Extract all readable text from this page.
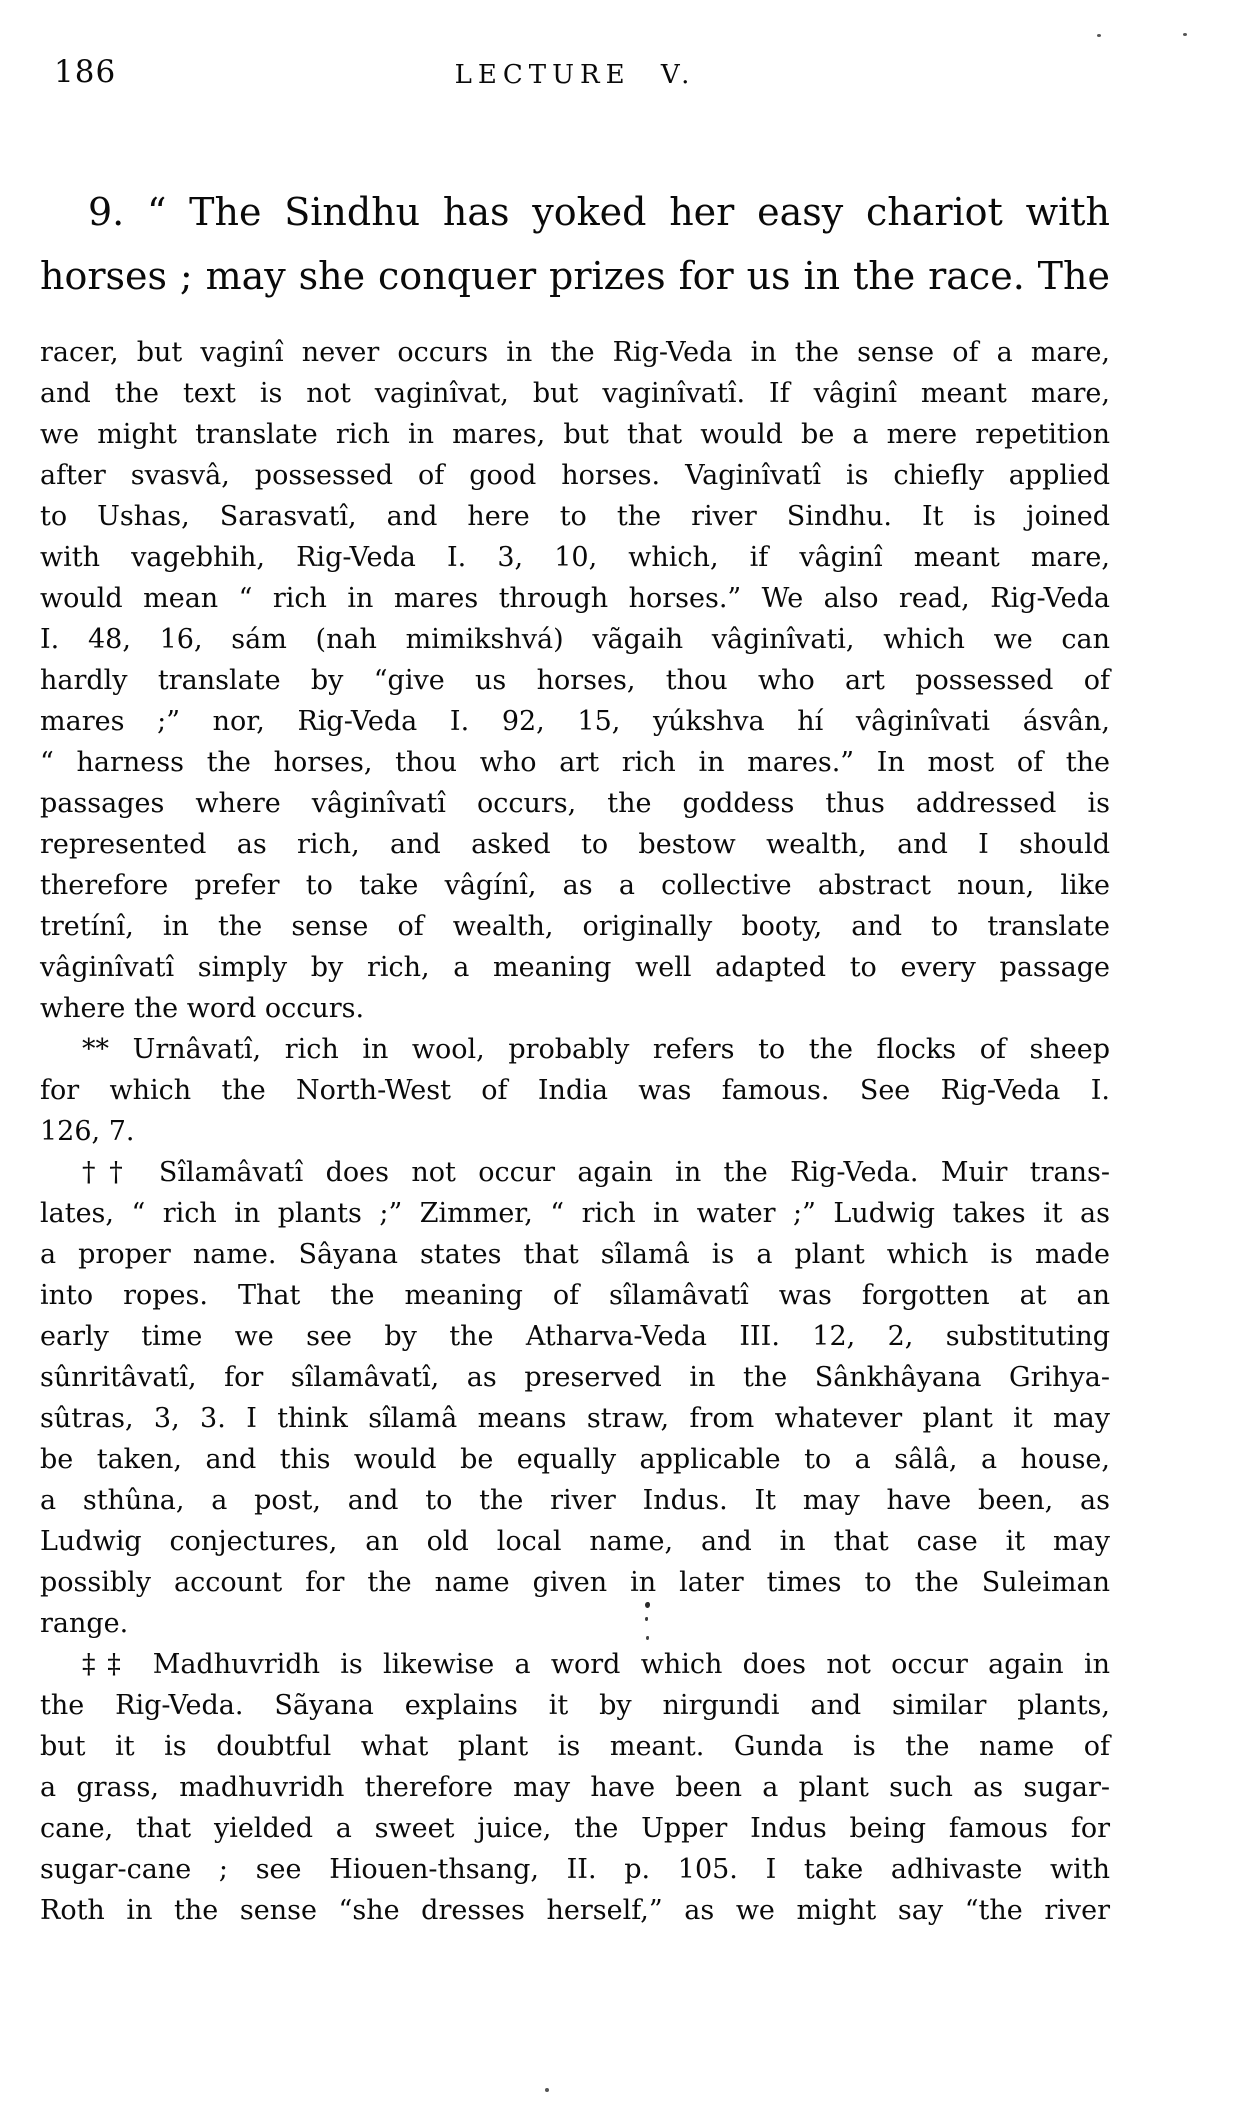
186	LECTURE V.
9. “ The Sindhu has yoked her easy chariot with
horses ; may she conquer prizes for us in the race. The
racer, but vaginî never occurs in the Rig-Veda in the sense of a mare,
and the text is not vaginîvat, but vaginîvatî. If vâginî meant mare,
we might translate rich in mares, but that would be a mere repetition
after svasvâ, possessed of good horses. Vaginîvatî is chiefly applied
to Ushas, Sarasvatî, and here to the river Sindhu. It is joined
with vagebhih, Rig-Veda I. 3, 10, which, if vâginî meant mare,
would mean “ rich in mares through horses.” We also read, Rig-Veda
I. 48, 16, sám (nah mimikshvá) vãgaih vâginîvati, which we can
hardly translate by “give us horses, thou who art possessed of
mares ;” nor, Rig-Veda I. 92, 15, yúkshva hí vâginîvati ásvân,
“ harness the horses, thou who art rich in mares.” In most of the
passages where vâginîvatî occurs, the goddess thus addressed is
represented as rich, and asked to bestow wealth, and I should
therefore prefer to take vâgínî, as a collective abstract noun, like
tretínî, in the sense of wealth, originally booty, and to translate
vâginîvatî simply by rich, a meaning well adapted to every passage
where the word occurs.
** Urnâvatî, rich in wool, probably refers to the flocks of sheep
for which the North-West of India was famous. See Rig-Veda I.
126, 7.
†† Sîlamâvatî does not occur again in the Rig-Veda. Muir trans-
lates, “ rich in plants ;” Zimmer, “ rich in water ;” Ludwig takes it as
a proper name. Sâyana states that sîlamâ is a plant which is made
into ropes. That the meaning of sîlamâvatî was forgotten at an
early time we see by the Atharva-Veda III. 12, 2, substituting
sûnritâvatî, for sîlamâvatî, as preserved in the Sânkhâyana Grihya-
sûtras, 3, 3. I think sîlamâ means straw, from whatever plant it may
be taken, and this would be equally applicable to a sâlâ, a house,
a sthûna, a post, and to the river Indus. It may have been, as
Ludwig conjectures, an old local name, and in that case it may
possibly account for the name given in later times to the Suleiman
range.
‡‡ Madhuvridh is likewise a word which does not occur again in
the Rig-Veda. Sãyana explains it by nirgundi and similar plants,
but it is doubtful what plant is meant. Gunda is the name of
a grass, madhuvridh therefore may have been a plant such as sugar-
cane, that yielded a sweet juice, the Upper Indus being famous for
sugar-cane ; see Hiouen-thsang, II. p. 105. I take adhivaste with
Roth in the sense “she dresses herself,” as we might say “the river
